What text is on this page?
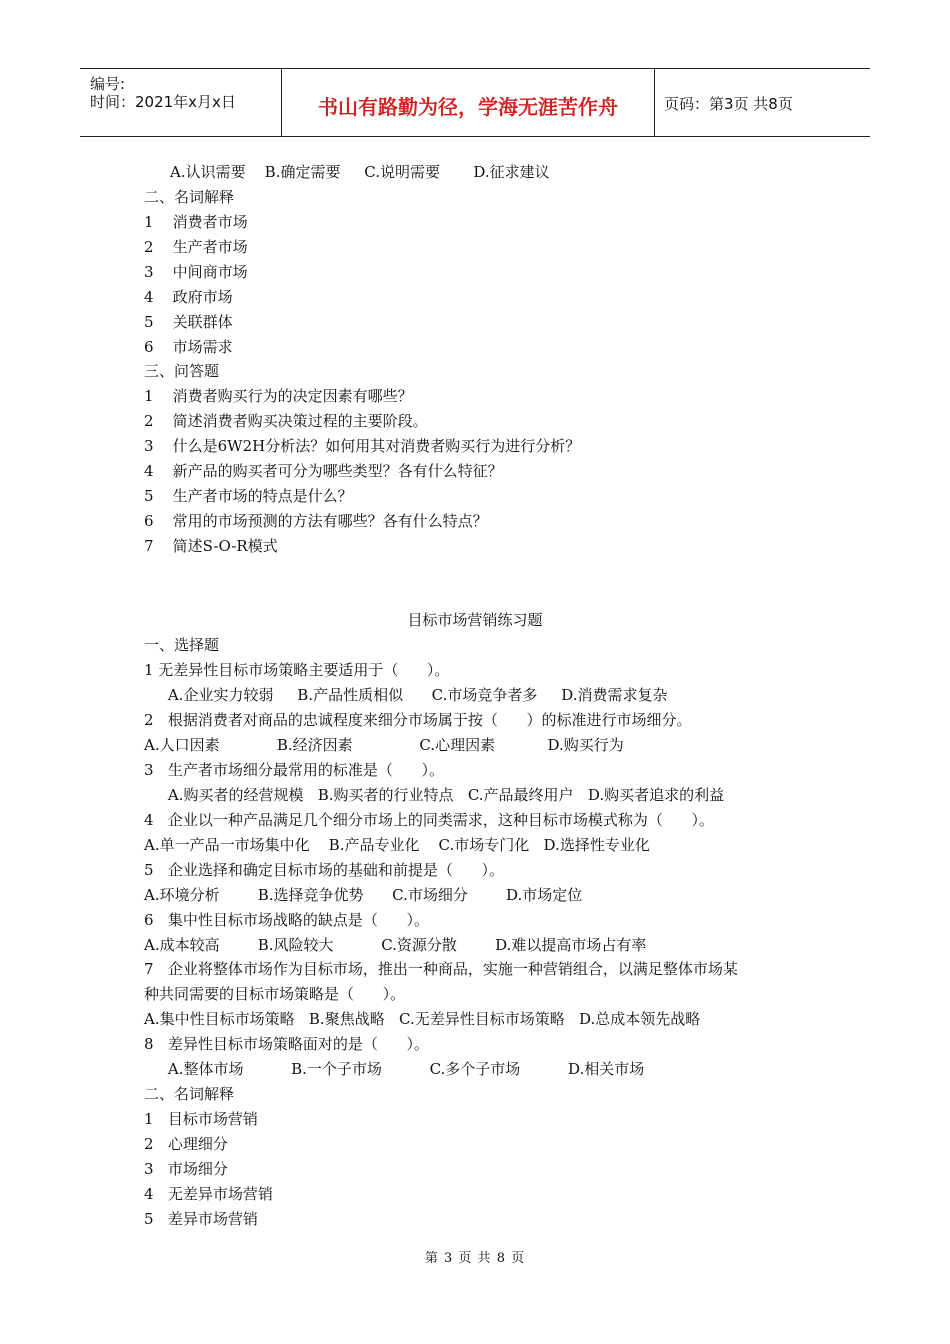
编号:
时间：2021年x月x日	书山有路勤为径，学海无涯苦作舟	页码：第3页 共8页
A.认识需要    B.确定需要     C.说明需要       D.征求建议
二、名词解释
1    消费者市场
2    生产者市场
3    中间商市场
4    政府市场
5    关联群体
6    市场需求
三、问答题
1    消费者购买行为的决定因素有哪些？
2    简述消费者购买决策过程的主要阶段。
3    什么是6W2H分析法？如何用其对消费者购买行为进行分析？
4    新产品的购买者可分为哪些类型？各有什么特征？
5    生产者市场的特点是什么？
6    常用的市场预测的方法有哪些？各有什么特点？
7    简述S-O-R模式
目标市场营销练习题
一、选择题
1 无差异性目标市场策略主要适用于（      ）。
A.企业实力较弱     B.产品性质相似      C.市场竞争者多     D.消费需求复杂
2   根据消费者对商品的忠诚程度来细分市场属于按（      ）的标准进行市场细分。
A.人口因素            B.经济因素              C.心理因素           D.购买行为
3   生产者市场细分最常用的标准是（      ）。
A.购买者的经营规模   B.购买者的行业特点   C.产品最终用户   D.购买者追求的利益
4   企业以一种产品满足几个细分市场上的同类需求，这种目标市场模式称为（      ）。
A.单一产品一市场集中化    B.产品专业化    C.市场专门化   D.选择性专业化
5   企业选择和确定目标市场的基础和前提是（      ）。
A.环境分析        B.选择竞争优势      C.市场细分        D.市场定位
6   集中性目标市场战略的缺点是（      ）。
A.成本较高        B.风险较大          C.资源分散        D.难以提高市场占有率
7   企业将整体市场作为目标市场，推出一种商品，实施一种营销组合，以满足整体市场某
种共同需要的目标市场策略是（      ）。
A.集中性目标市场策略   B.聚焦战略   C.无差异性目标市场策略   D.总成本领先战略
8   差异性目标市场策略面对的是（      ）。
A.整体市场          B.一个子市场          C.多个子市场          D.相关市场
二、名词解释
1   目标市场营销
2   心理细分
3   市场细分
4   无差异市场营销
5   差异市场营销
第 3 页 共 8 页
